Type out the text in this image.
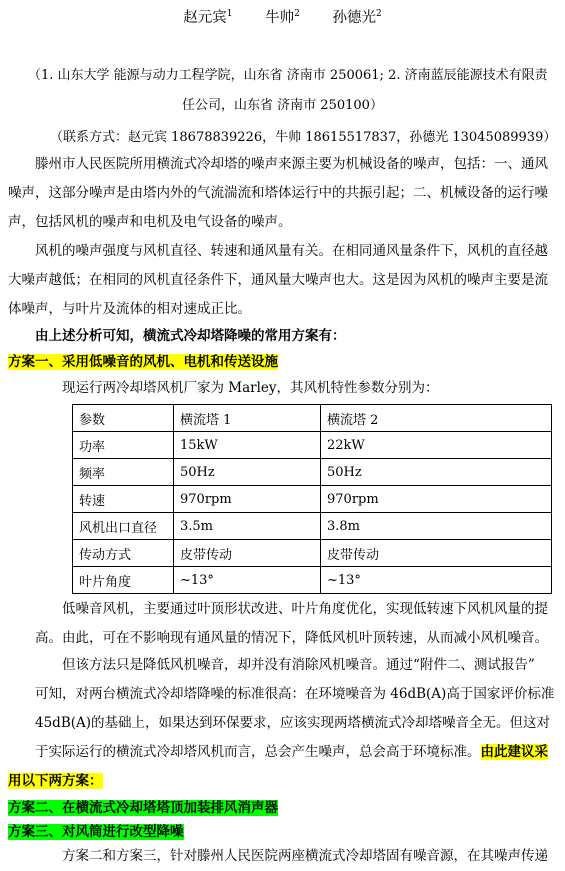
赵元宾$^1$ 牛帅$^2$ 孙德光$^2$
（1. 山东大学 能源与动力工程学院，山东省 济南市 250061; 2. 济南蓝辰能源技术有限责
任公司，山东省 济南市 250100）
（联系方式：赵元宾 18678839226，牛帅 18615517837，孙德光 13045089939）
　　滕州市人民医院所用横流式冷却塔的噪声来源主要为机械设备的噪声，包括：一、通风
噪声，这部分噪声是由塔内外的气流湍流和塔体运行中的共振引起；二、机械设备的运行噪
声，包括风机的噪声和电机及电气设备的噪声。
　　风机的噪声强度与风机直径、转速和通风量有关。在相同通风量条件下，风机的直径越
大噪声越低；在相同的风机直径条件下，通风量大噪声也大。这是因为风机的噪声主要是流
体噪声，与叶片及流体的相对速成正比。
　　由上述分析可知，横流式冷却塔降噪的常用方案有：
方案一、采用低噪音的风机、电机和传送设施
　　　　现运行两冷却塔风机厂家为 Marley，其风机特性参数分别为：
参数	横流塔 1	横流塔 2
功率	15kW	22kW
频率	50Hz	50Hz
转速	970rpm	970rpm
风机出口直径	3.5m	3.8m
传动方式	皮带传动	皮带传动
叶片角度	~13°	~13°
　　　　低噪音风机，主要通过叶顶形状改进、叶片角度优化，实现低转速下风机风量的提
　　高。由此，可在不影响现有通风量的情况下，降低风机叶顶转速，从而减小风机噪音。
　　　　但该方法只是降低风机噪音，却并没有消除风机噪音。通过“附件二、测试报告”
　　可知，对两台横流式冷却塔降噪的标准很高：在环境噪音为 46dB(A)高于国家评价标准
　　45dB(A)的基础上，如果达到环保要求，应该实现两塔横流式冷却塔噪音全无。但这对
　　于实际运行的横流式冷却塔风机而言，总会产生噪声，总会高于环境标准。由此建议采
用以下两方案：
方案二、在横流式冷却塔塔顶加装排风消声器
方案三、对风筒进行改型降噪
　　　　方案二和方案三，针对滕州人民医院两座横流式冷却塔固有噪音源，在其噪声传递
